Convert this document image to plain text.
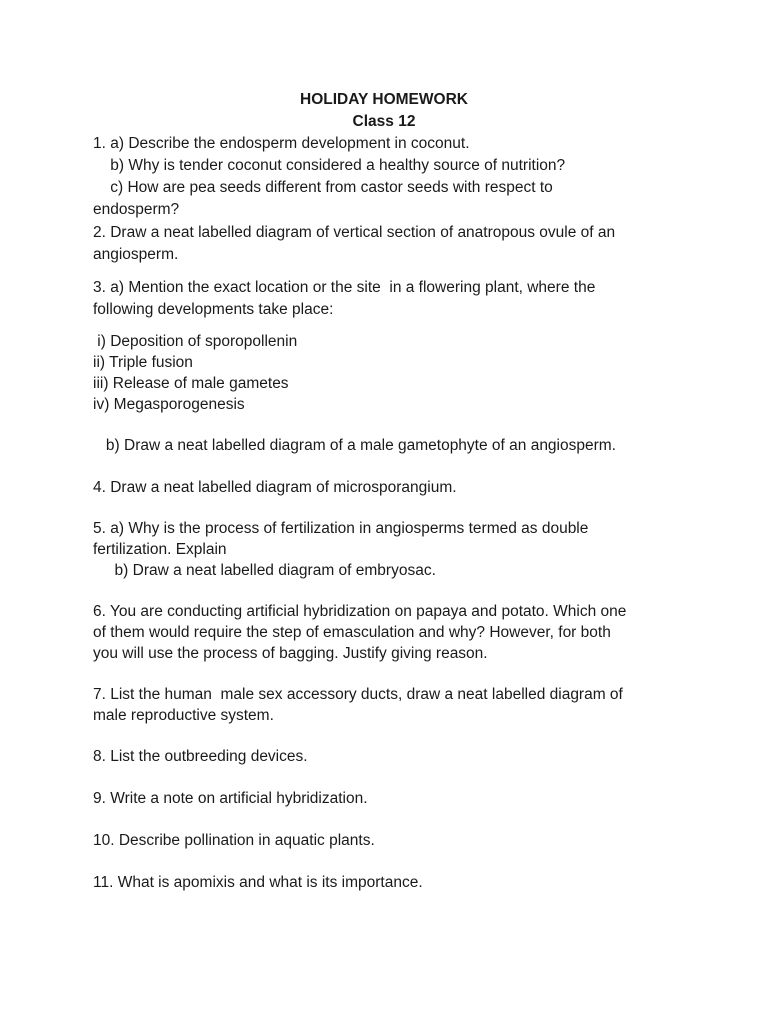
HOLIDAY HOMEWORK
Class 12
1. a) Describe the endosperm development in coconut.
b) Why is tender coconut considered a healthy source of nutrition?
c) How are pea seeds different from castor seeds with respect to
endosperm?
2. Draw a neat labelled diagram of vertical section of anatropous ovule of an
angiosperm.
3. a) Mention the exact location or the site  in a flowering plant, where the
following developments take place:
i) Deposition of sporopollenin
ii) Triple fusion
iii) Release of male gametes
iv) Megasporogenesis
b) Draw a neat labelled diagram of a male gametophyte of an angiosperm.
4. Draw a neat labelled diagram of microsporangium.
5. a) Why is the process of fertilization in angiosperms termed as double
fertilization. Explain
b) Draw a neat labelled diagram of embryosac.
6. You are conducting artificial hybridization on papaya and potato. Which one
of them would require the step of emasculation and why? However, for both
you will use the process of bagging. Justify giving reason.
7. List the human  male sex accessory ducts, draw a neat labelled diagram of
male reproductive system.
8. List the outbreeding devices.
9. Write a note on artificial hybridization.
10. Describe pollination in aquatic plants.
11. What is apomixis and what is its importance.
